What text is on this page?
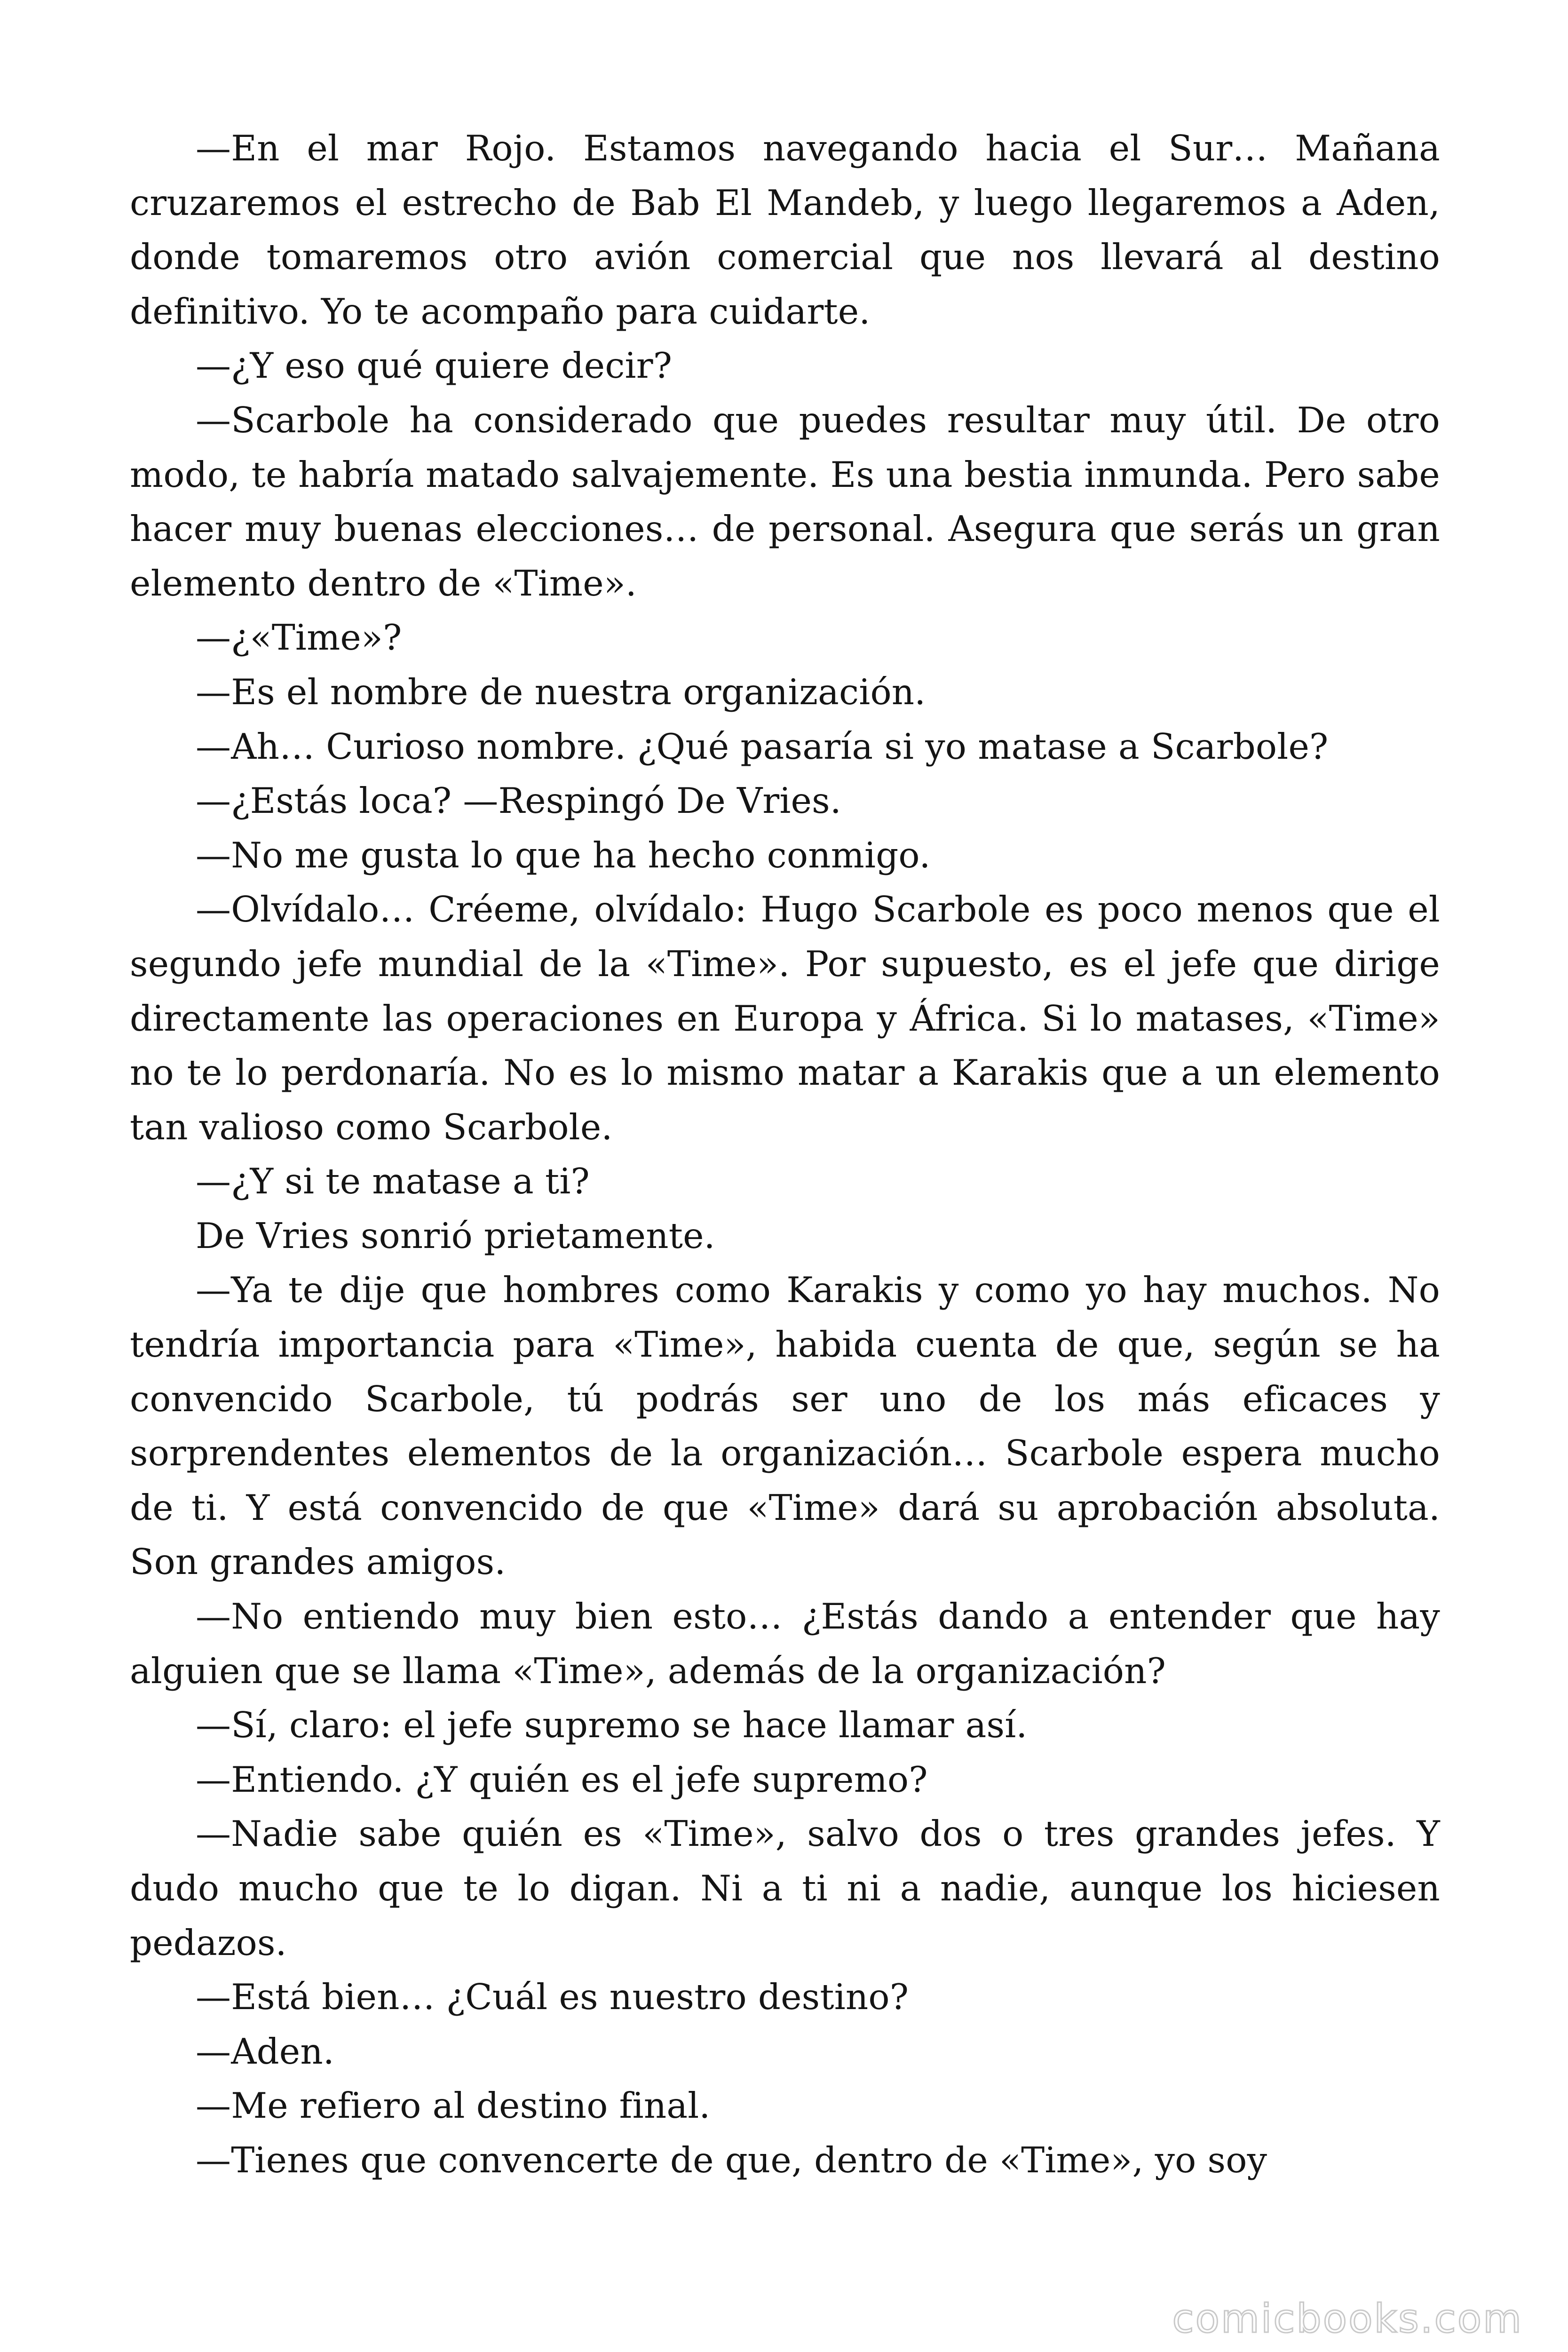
—En el mar Rojo. Estamos navegando hacia el Sur… Mañana cruzaremos el estrecho de Bab El Mandeb, y luego llegaremos a Aden, donde tomaremos otro avión comercial que nos llevará al destino definitivo. Yo te acompaño para cuidarte.

—¿Y eso qué quiere decir?

—Scarbole ha considerado que puedes resultar muy útil. De otro modo, te habría matado salvajemente. Es una bestia inmunda. Pero sabe hacer muy buenas elecciones… de personal. Asegura que serás un gran elemento dentro de «Time».

—¿«Time»?

—Es el nombre de nuestra organización.

—Ah… Curioso nombre. ¿Qué pasaría si yo matase a Scarbole?

—¿Estás loca? —Respingó De Vries.

—No me gusta lo que ha hecho conmigo.

—Olvídalo… Créeme, olvídalo: Hugo Scarbole es poco menos que el segundo jefe mundial de la «Time». Por supuesto, es el jefe que dirige directamente las operaciones en Europa y África. Si lo matases, «Time» no te lo perdonaría. No es lo mismo matar a Karakis que a un elemento tan valioso como Scarbole.

—¿Y si te matase a ti?

De Vries sonrió prietamente.

—Ya te dije que hombres como Karakis y como yo hay muchos. No tendría importancia para «Time», habida cuenta de que, según se ha convencido Scarbole, tú podrás ser uno de los más eficaces y sorprendentes elementos de la organización… Scarbole espera mucho de ti. Y está convencido de que «Time» dará su aprobación absoluta. Son grandes amigos.

—No entiendo muy bien esto… ¿Estás dando a entender que hay alguien que se llama «Time», además de la organización?

—Sí, claro: el jefe supremo se hace llamar así.

—Entiendo. ¿Y quién es el jefe supremo?

—Nadie sabe quién es «Time», salvo dos o tres grandes jefes. Y dudo mucho que te lo digan. Ni a ti ni a nadie, aunque los hiciesen pedazos.

—Está bien… ¿Cuál es nuestro destino?

—Aden.

—Me refiero al destino final.

—Tienes que convencerte de que, dentro de «Time», yo soy

comicbooks.com
